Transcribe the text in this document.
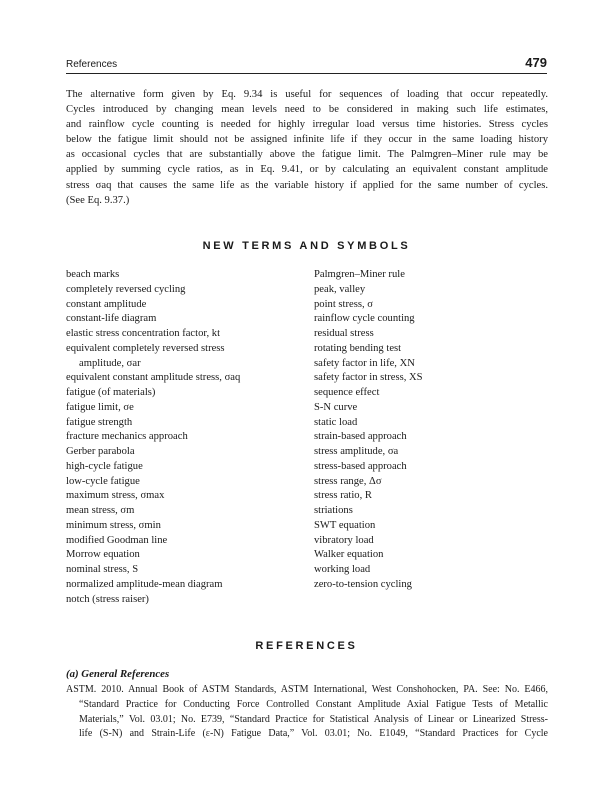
References	479
The alternative form given by Eq. 9.34 is useful for sequences of loading that occur repeatedly.
Cycles introduced by changing mean levels need to be considered in making such life estimates,
and rainflow cycle counting is needed for highly irregular load versus time histories. Stress cycles
below the fatigue limit should not be assigned infinite life if they occur in the same loading history
as occasional cycles that are substantially above the fatigue limit. The Palmgren–Miner rule may be
applied by summing cycle ratios, as in Eq. 9.41, or by calculating an equivalent constant amplitude
stress σaq that causes the same life as the variable history if applied for the same number of cycles.
(See Eq. 9.37.)
NEW TERMS AND SYMBOLS
beach marks
completely reversed cycling
constant amplitude
constant-life diagram
elastic stress concentration factor, kt
equivalent completely reversed stress
amplitude, σar
equivalent constant amplitude stress, σaq
fatigue (of materials)
fatigue limit, σe
fatigue strength
fracture mechanics approach
Gerber parabola
high-cycle fatigue
low-cycle fatigue
maximum stress, σmax
mean stress, σm
minimum stress, σmin
modified Goodman line
Morrow equation
nominal stress, S
normalized amplitude-mean diagram
notch (stress raiser)
Palmgren–Miner rule
peak, valley
point stress, σ
rainflow cycle counting
residual stress
rotating bending test
safety factor in life, XN
safety factor in stress, XS
sequence effect
S-N curve
static load
strain-based approach
stress amplitude, σa
stress-based approach
stress range, Δσ
stress ratio, R
striations
SWT equation
vibratory load
Walker equation
working load
zero-to-tension cycling
REFERENCES
(a) General References
ASTM. 2010. Annual Book of ASTM Standards, ASTM International, West Conshohocken, PA. See: No. E466,
“Standard Practice for Conducting Force Controlled Constant Amplitude Axial Fatigue Tests of Metallic
Materials,” Vol. 03.01; No. E739, “Standard Practice for Statistical Analysis of Linear or Linearized Stress-
life (S-N) and Strain-Life (ε-N) Fatigue Data,” Vol. 03.01; No. E1049, “Standard Practices for Cycle
